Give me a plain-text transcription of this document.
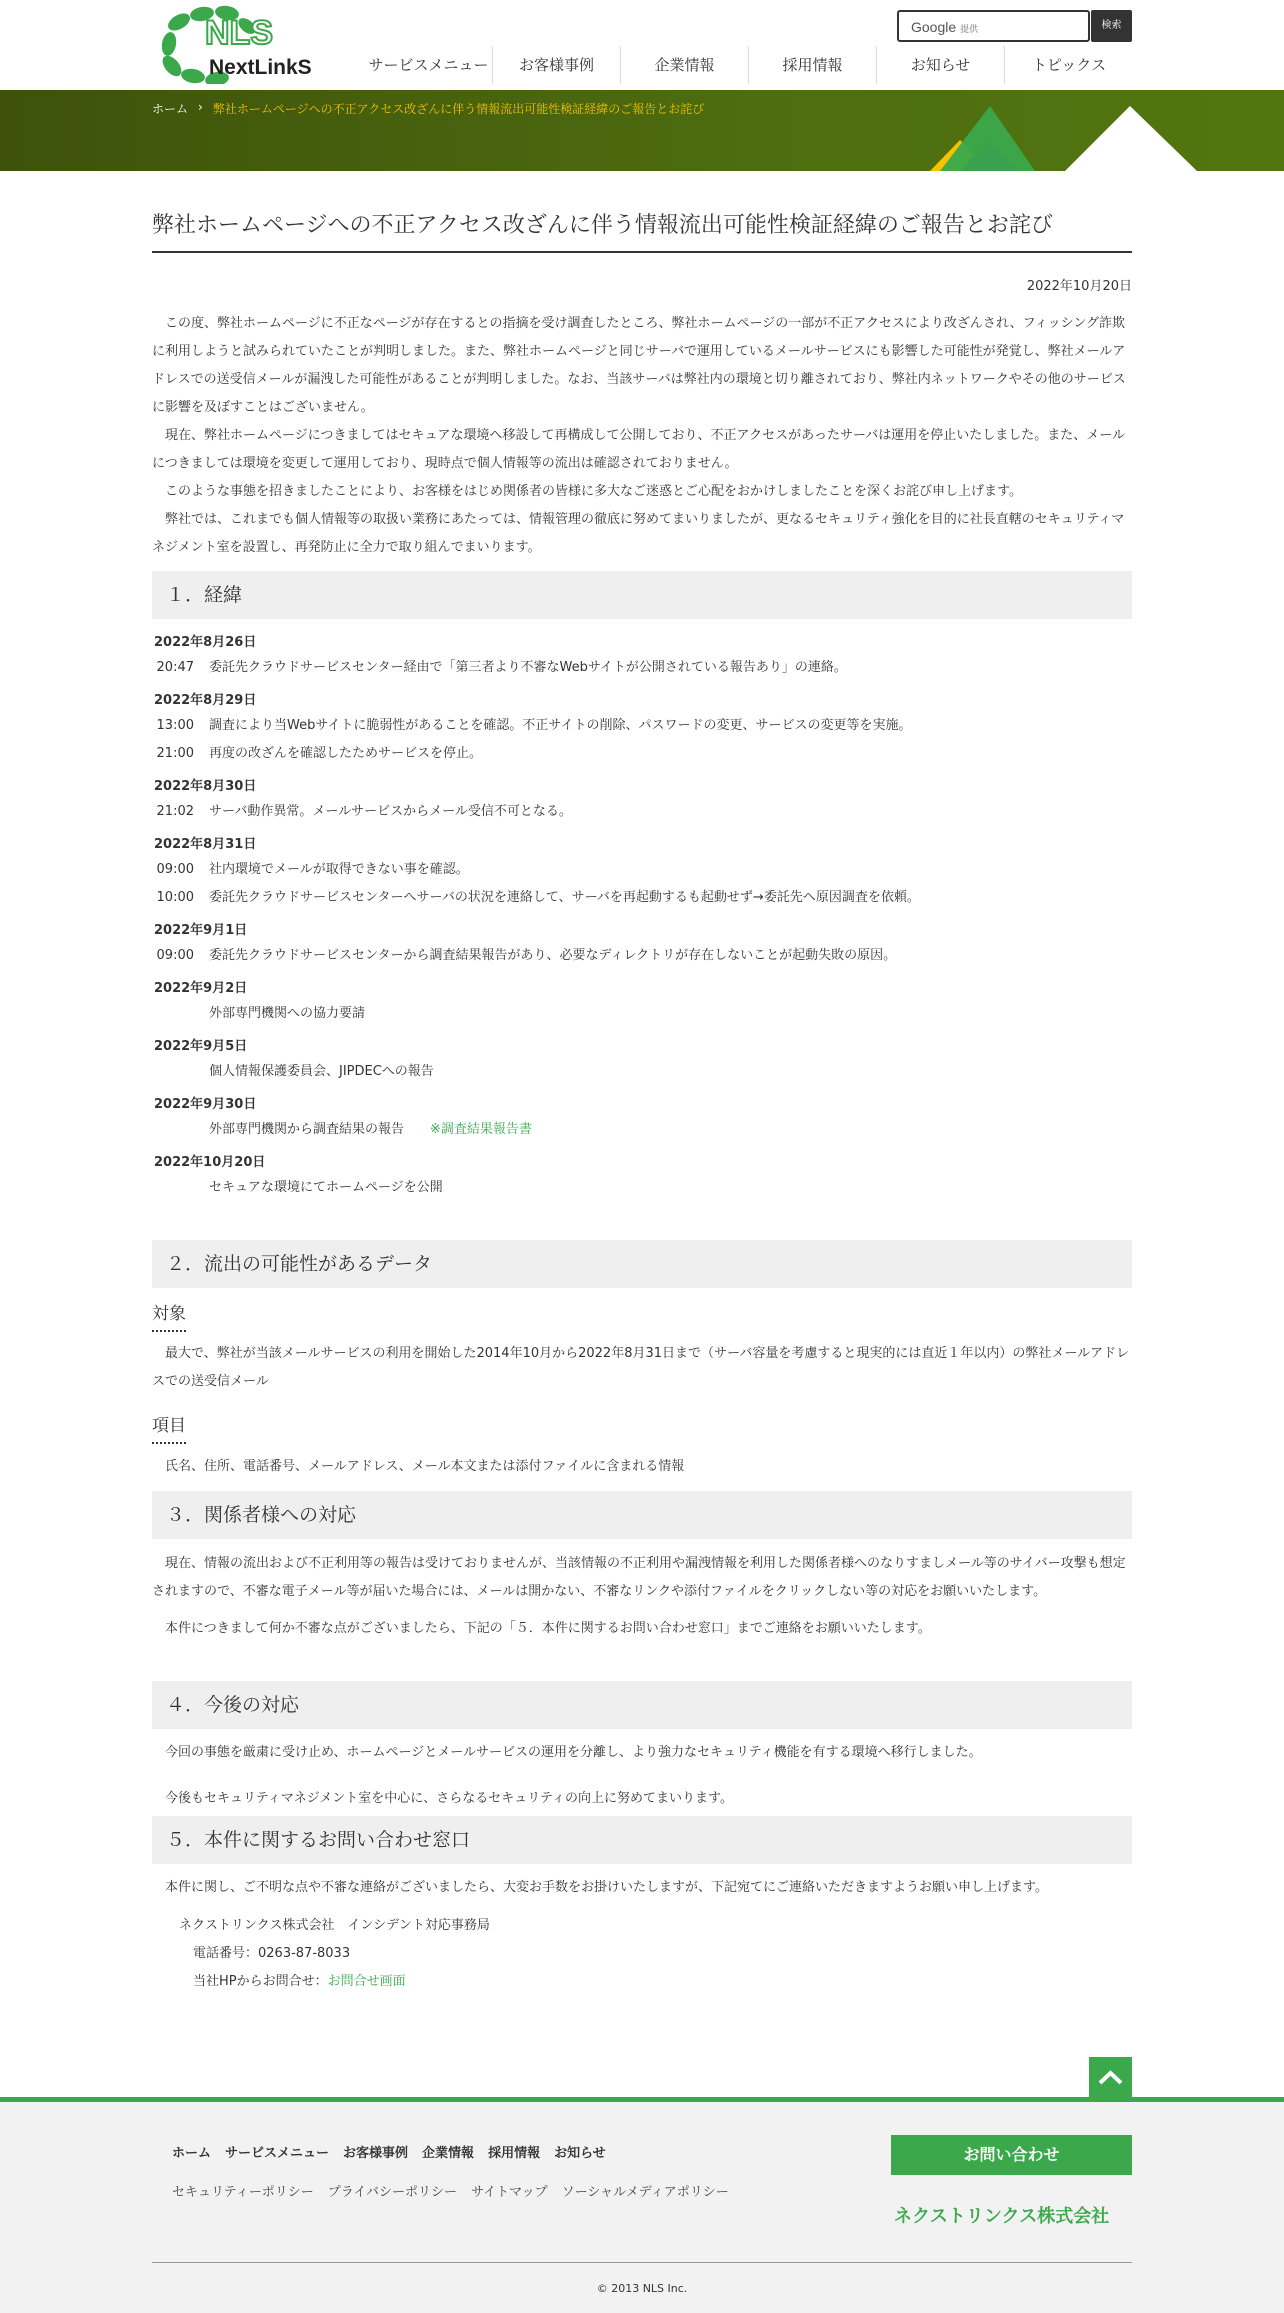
NLS
NextLinkS
Google 提供	検索
サービスメニュー	お客様事例	企業情報	採用情報	お知らせ	トピックス
ホーム › 弊社ホームページへの不正アクセス改ざんに伴う情報流出可能性検証経緯のご報告とお詫び
弊社ホームページへの不正アクセス改ざんに伴う情報流出可能性検証経緯のご報告とお詫び
2022年10月20日

この度、弊社ホームページに不正なページが存在するとの指摘を受け調査したところ、弊社ホームページの一部が不正アクセスにより改ざんされ、フィッシング詐欺に利用しようと試みられていたことが判明しました。また、弊社ホームページと同じサーバで運用しているメールサービスにも影響した可能性が発覚し、弊社メールアドレスでの送受信メールが漏洩した可能性があることが判明しました。なお、当該サーバは弊社内の環境と切り離されており、弊社内ネットワークやその他のサービスに影響を及ぼすことはございません。

現在、弊社ホームページにつきましてはセキュアな環境へ移設して再構成して公開しており、不正アクセスがあったサーバは運用を停止いたしました。また、メールにつきましては環境を変更して運用しており、現時点で個人情報等の流出は確認されておりません。

このような事態を招きましたことにより、お客様をはじめ関係者の皆様に多大なご迷惑とご心配をおかけしましたことを深くお詫び申し上げます。

弊社では、これまでも個人情報等の取扱い業務にあたっては、情報管理の徹底に努めてまいりましたが、更なるセキュリティ強化を目的に社長直轄のセキュリティマネジメント室を設置し、再発防止に全力で取り組んでまいります。

１．経緯
2022年8月26日
20:47	委託先クラウドサービスセンター経由で「第三者より不審なWebサイトが公開されている報告あり」の連絡。
2022年8月29日
13:00	調査により当Webサイトに脆弱性があることを確認。不正サイトの削除、パスワードの変更、サービスの変更等を実施。
21:00	再度の改ざんを確認したためサービスを停止。
2022年8月30日
21:02	サーバ動作異常。メールサービスからメール受信不可となる。
2022年8月31日
09:00	社内環境でメールが取得できない事を確認。
10:00	委託先クラウドサービスセンターへサーバの状況を連絡して、サーバを再起動するも起動せず→委託先へ原因調査を依頼。
2022年9月1日
09:00	委託先クラウドサービスセンターから調査結果報告があり、必要なディレクトリが存在しないことが起動失敗の原因。
2022年9月2日
外部専門機関への協力要請
2022年9月5日
個人情報保護委員会、JIPDECへの報告
2022年9月30日
外部専門機関から調査結果の報告 ※調査結果報告書
2022年10月20日
セキュアな環境にてホームページを公開
２．流出の可能性があるデータ
対象

最大で、弊社が当該メールサービスの利用を開始した2014年10月から2022年8月31日まで（サーバ容量を考慮すると現実的には直近１年以内）の弊社メールアドレスでの送受信メール

項目

氏名、住所、電話番号、メールアドレス、メール本文または添付ファイルに含まれる情報

３．関係者様への対応

現在、情報の流出および不正利用等の報告は受けておりませんが、当該情報の不正利用や漏洩情報を利用した関係者様へのなりすましメール等のサイバー攻撃も想定されますので、不審な電子メール等が届いた場合には、メールは開かない、不審なリンクや添付ファイルをクリックしない等の対応をお願いいたします。

本件につきまして何か不審な点がございましたら、下記の「５．本件に関するお問い合わせ窓口」までご連絡をお願いいたします。

４．今後の対応

今回の事態を厳粛に受け止め、ホームページとメールサービスの運用を分離し、より強力なセキュリティ機能を有する環境へ移行しました。

今後もセキュリティマネジメント室を中心に、さらなるセキュリティの向上に努めてまいります。

５．本件に関するお問い合わせ窓口

本件に関し、ご不明な点や不審な連絡がございましたら、大変お手数をお掛けいたしますが、下記宛てにご連絡いただきますようお願い申し上げます。

ネクストリンクス株式会社　インシデント対応事務局
電話番号：0263-87-8033
当社HPからお問合せ：お問合せ画面
ホーム サービスメニュー お客様事例 企業情報 採用情報 お知らせ
セキュリティーポリシー プライバシーポリシー サイトマップ ソーシャルメディアポリシー
お問い合わせ
ネクストリンクス株式会社
© 2013 NLS Inc.
